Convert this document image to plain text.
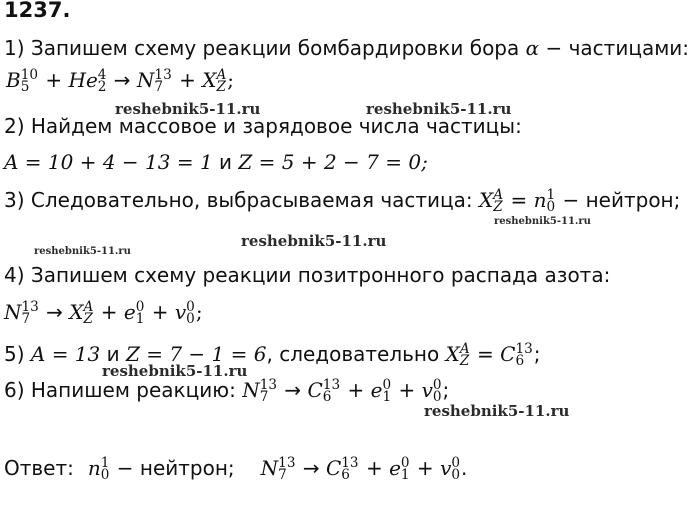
1237.
1) Запишем схему реакции бомбардировки бора α − частицами:
B 10
5 + He 4
2 → N 13
7 + X A
Z ;
2) Найдем массовое и зарядовое числа частицы:
A = 10 + 4 − 13 = 1 и Z = 5 + 2 − 7 = 0;
3) Следовательно, выбрасываемая частица: X A
Z = n 1
0 − нейтрон;
4) Запишем схему реакции позитронного распада азота:
N 13
7 → X A
Z + e 0
1 + v 0
0 ;
5) A = 13 и Z = 7 − 1 = 6, следовательно X A
Z = C 13
6 ;
6) Напишем реакцию: N 13
7 → C 13
6 + e 0
1 + v 0
0 ;
Ответ: n 1
0 − нейтрон; N 13
7 → C 13
6 + e 0
1 + v 0
0 .
reshebnik5-11.ru	reshebnik5-11.ru
reshebnik5-11.ru
reshebnik5-11.ru
reshebnik5-11.ru
reshebnik5-11.ru
reshebnik5-11.ru
